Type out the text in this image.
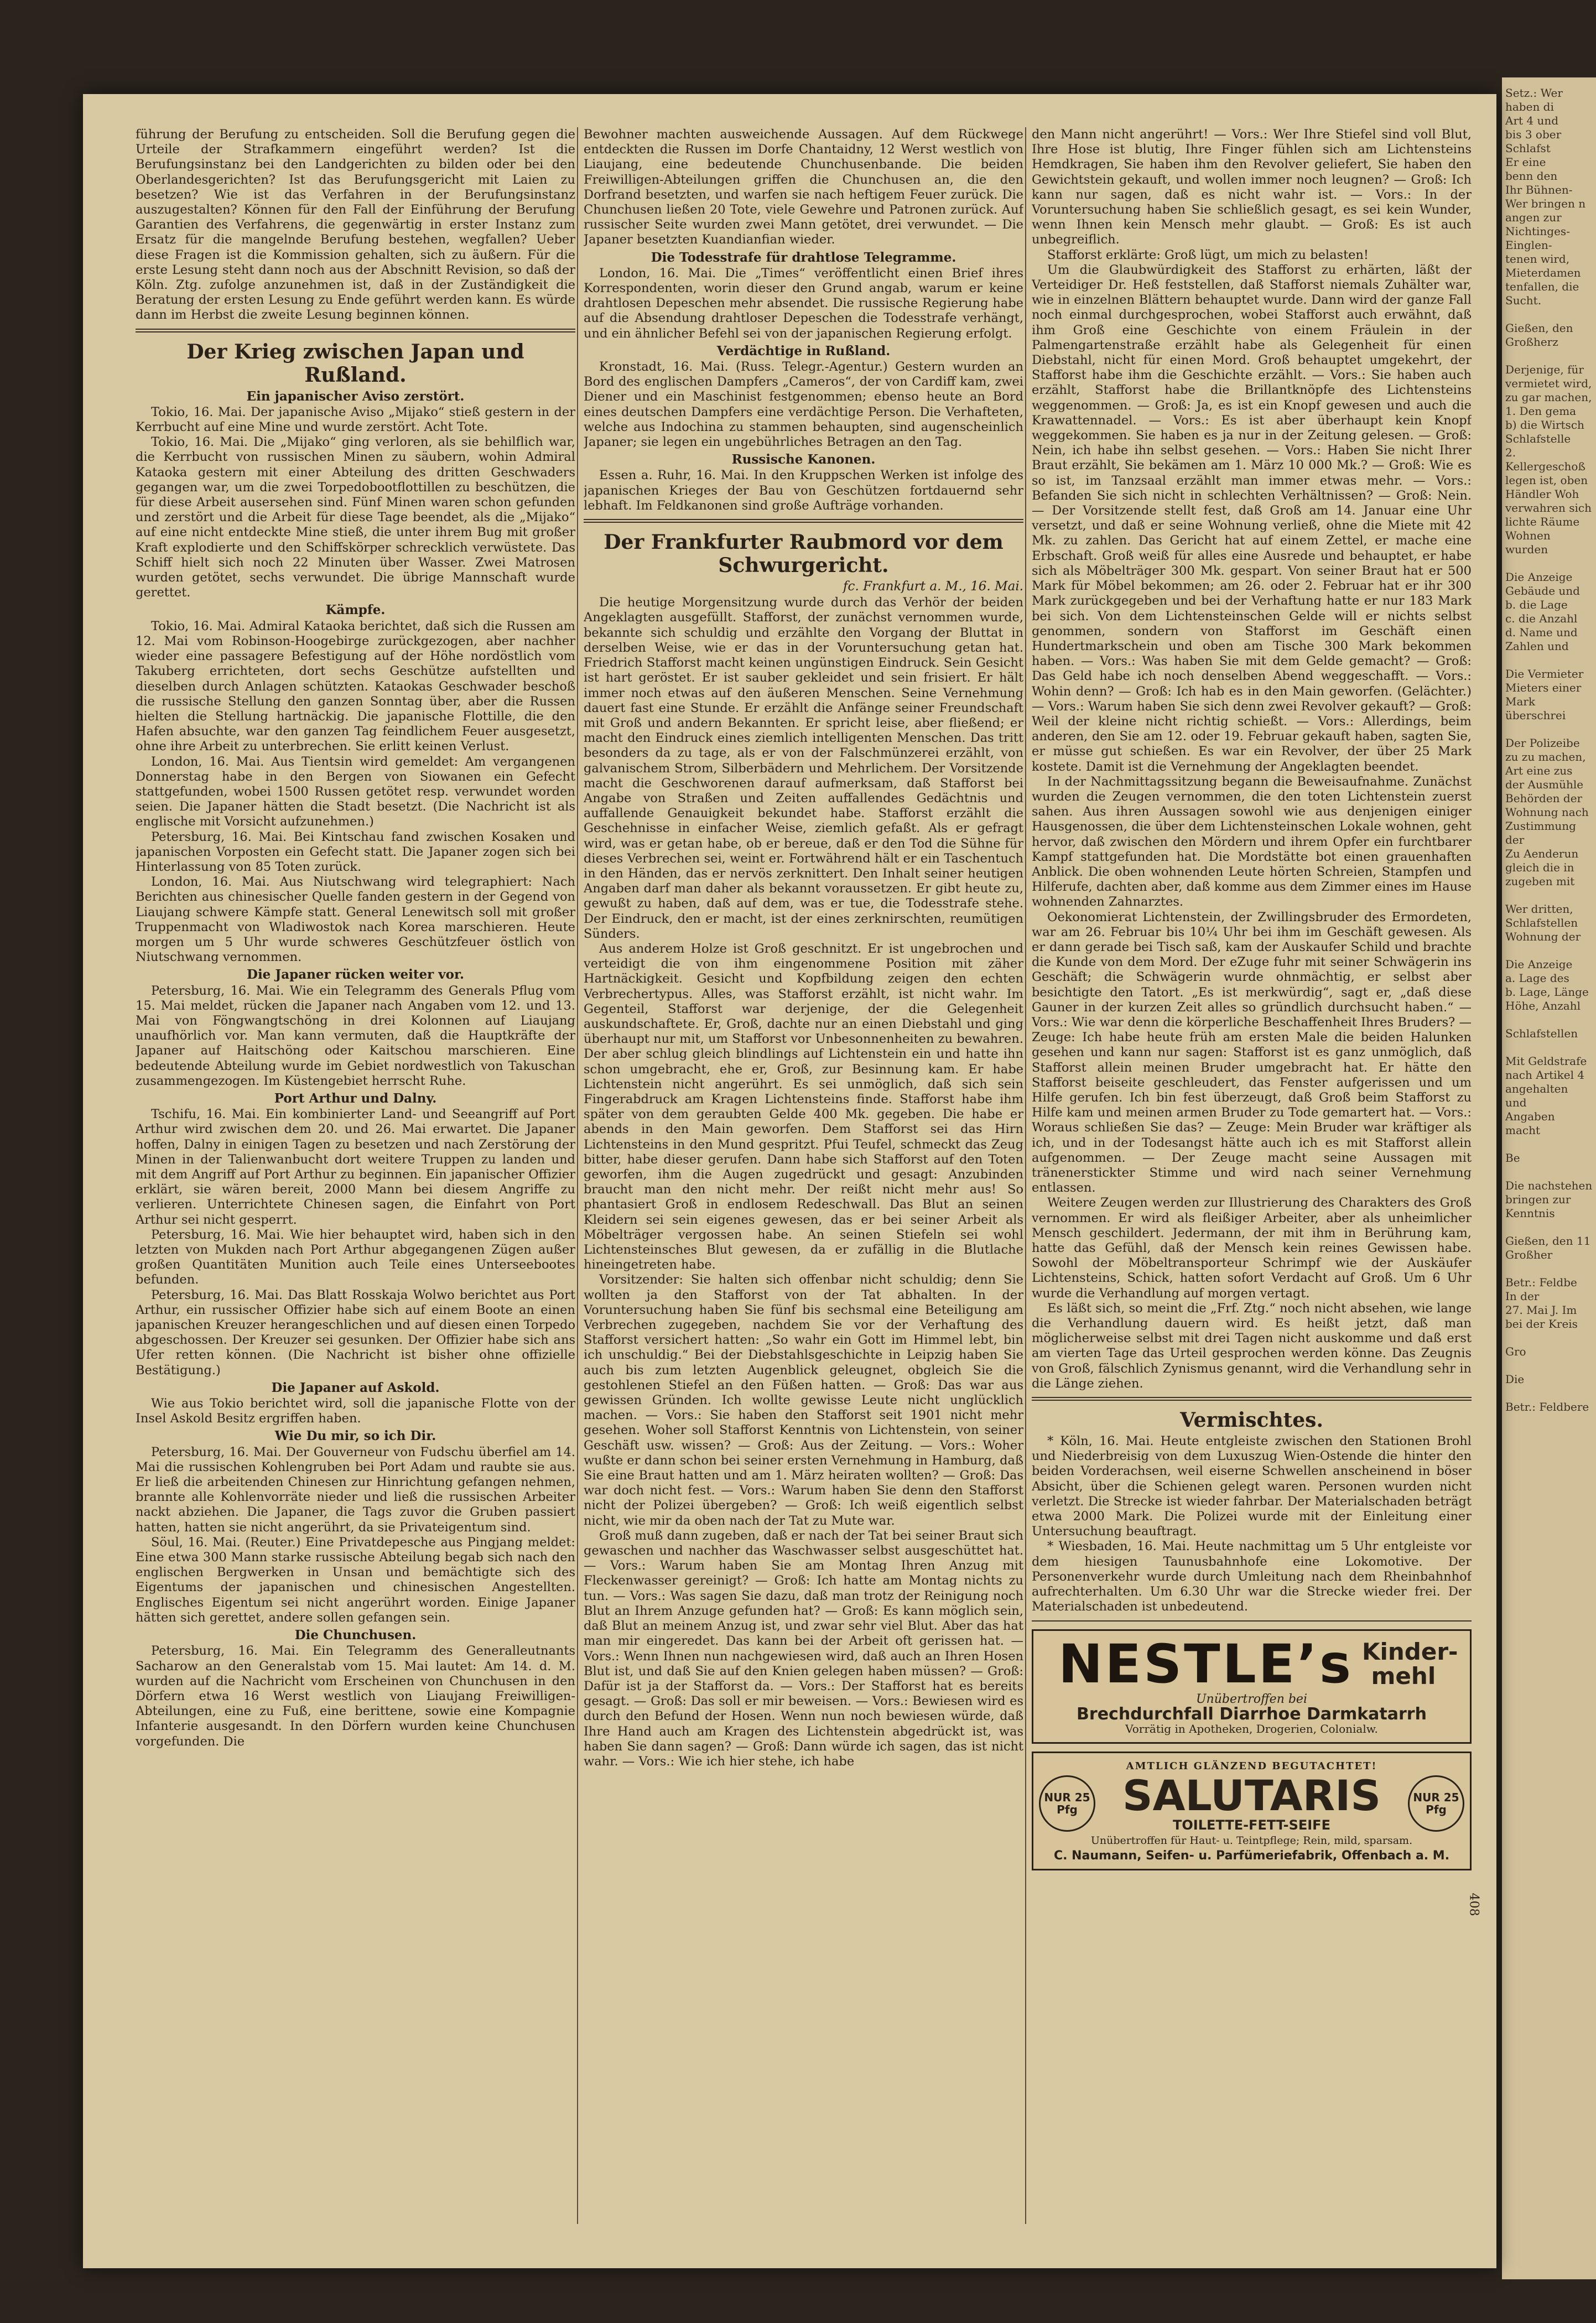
Setz.: Wer
haben di
Art 4 und
bis 3 ober
Schlafst
Er eine
benn den
Ihr Bühnen-
Wer bringen n
angen zur
Nichtinges-
Einglen-
tenen wird,
Mieterdamen
tenfallen, die
Sucht.

Gießen, den
Großherz

Derjenige, für
vermietet wird,
zu gar machen,
1. Den gema
b) die Wirtsch
Schlafstelle
2. Kellergeschoß
legen ist, oben
Händler Woh
verwahren sich
lichte Räume
Wohnen wurden

Die Anzeige
Gebäude und
b. die Lage
c. die Anzahl
d. Name und
Zahlen und

Die Vermieter
Mieters einer
Mark überschrei

Der Polizeibe
zu zu machen,
Art eine zus
der Ausmühle
Behörden der
Wohnung nach
Zustimmung der
Zu Aenderun
gleich die in
zugeben mit

Wer dritten,
Schlafstellen
Wohnung der

Die Anzeige
a. Lage des
b. Lage, Länge
Höhe, Anzahl

Schlafstellen

Mit Geldstrafe
nach Artikel 4
angehalten und
Angaben macht

Be

Die nachstehen
bringen zur Kenntnis

Gießen, den 11
Großher

Betr.: Feldbe
In der
27. Mai J. Im
bei der Kreis

Gro

Die

Betr.: Feldbere

führung der Berufung zu entscheiden. Soll die Berufung gegen die Urteile der Strafkammern eingeführt werden? Ist die Berufungsinstanz bei den Landgerichten zu bilden oder bei den Oberlandesgerichten? Ist das Berufungsgericht mit Laien zu besetzen? Wie ist das Verfahren in der Berufungsinstanz auszugestalten? Können für den Fall der Einführung der Berufung Garantien des Verfahrens, die gegenwärtig in erster Instanz zum Ersatz für die mangelnde Berufung bestehen, wegfallen? Ueber diese Fragen ist die Kommission gehalten, sich zu äußern. Für die erste Lesung steht dann noch aus der Abschnitt Revision, so daß der Köln. Ztg. zufolge anzunehmen ist, daß in der Zuständigkeit die Beratung der ersten Lesung zu Ende geführt werden kann. Es würde dann im Herbst die zweite Lesung beginnen können.

Der Krieg zwischen Japan und Rußland.
Ein japanischer Aviso zerstört.

Tokio, 16. Mai. Der japanische Aviso „Mijako“ stieß gestern in der Kerrbucht auf eine Mine und wurde zerstört. Acht Tote.

Tokio, 16. Mai. Die „Mijako“ ging verloren, als sie behilflich war, die Kerrbucht von russischen Minen zu säubern, wohin Admiral Kataoka gestern mit einer Abteilung des dritten Geschwaders gegangen war, um die zwei Torpedobootflottillen zu beschützen, die für diese Arbeit ausersehen sind. Fünf Minen waren schon gefunden und zerstört und die Arbeit für diese Tage beendet, als die „Mijako“ auf eine nicht entdeckte Mine stieß, die unter ihrem Bug mit großer Kraft explodierte und den Schiffskörper schrecklich verwüstete. Das Schiff hielt sich noch 22 Minuten über Wasser. Zwei Matrosen wurden getötet, sechs verwundet. Die übrige Mannschaft wurde gerettet.

Kämpfe.

Tokio, 16. Mai. Admiral Kataoka berichtet, daß sich die Russen am 12. Mai vom Robinson-Hoogebirge zurückgezogen, aber nachher wieder eine passagere Befestigung auf der Höhe nordöstlich vom Takuberg errichteten, dort sechs Geschütze aufstellten und dieselben durch Anlagen schützten. Kataokas Geschwader beschoß die russische Stellung den ganzen Sonntag über, aber die Russen hielten die Stellung hartnäckig. Die japanische Flottille, die den Hafen absuchte, war den ganzen Tag feindlichem Feuer ausgesetzt, ohne ihre Arbeit zu unterbrechen. Sie erlitt keinen Verlust.

London, 16. Mai. Aus Tientsin wird gemeldet: Am vergangenen Donnerstag habe in den Bergen von Siowanen ein Gefecht stattgefunden, wobei 1500 Russen getötet resp. verwundet worden seien. Die Japaner hätten die Stadt besetzt. (Die Nachricht ist als englische mit Vorsicht aufzunehmen.)

Petersburg, 16. Mai. Bei Kintschau fand zwischen Kosaken und japanischen Vorposten ein Gefecht statt. Die Japaner zogen sich bei Hinterlassung von 85 Toten zurück.

London, 16. Mai. Aus Niutschwang wird telegraphiert: Nach Berichten aus chinesischer Quelle fanden gestern in der Gegend von Liaujang schwere Kämpfe statt. General Lenewitsch soll mit großer Truppenmacht von Wladiwostok nach Korea marschieren. Heute morgen um 5 Uhr wurde schweres Geschützfeuer östlich von Niutschwang vernommen.

Die Japaner rücken weiter vor.

Petersburg, 16. Mai. Wie ein Telegramm des Generals Pflug vom 15. Mai meldet, rücken die Japaner nach Angaben vom 12. und 13. Mai von Föngwangtschöng in drei Kolonnen auf Liaujang unaufhörlich vor. Man kann vermuten, daß die Hauptkräfte der Japaner auf Haitschöng oder Kaitschou marschieren. Eine bedeutende Abteilung wurde im Gebiet nordwestlich von Takuschan zusammengezogen. Im Küstengebiet herrscht Ruhe.

Port Arthur und Dalny.

Tschifu, 16. Mai. Ein kombinierter Land- und Seeangriff auf Port Arthur wird zwischen dem 20. und 26. Mai erwartet. Die Japaner hoffen, Dalny in einigen Tagen zu besetzen und nach Zerstörung der Minen in der Talienwanbucht dort weitere Truppen zu landen und mit dem Angriff auf Port Arthur zu beginnen. Ein japanischer Offizier erklärt, sie wären bereit, 2000 Mann bei diesem Angriffe zu verlieren. Unterrichtete Chinesen sagen, die Einfahrt von Port Arthur sei nicht gesperrt.

Petersburg, 16. Mai. Wie hier behauptet wird, haben sich in den letzten von Mukden nach Port Arthur abgegangenen Zügen außer großen Quantitäten Munition auch Teile eines Unterseebootes befunden.

Petersburg, 16. Mai. Das Blatt Rosskaja Wolwo berichtet aus Port Arthur, ein russischer Offizier habe sich auf einem Boote an einen japanischen Kreuzer herangeschlichen und auf diesen einen Torpedo abgeschossen. Der Kreuzer sei gesunken. Der Offizier habe sich ans Ufer retten können. (Die Nachricht ist bisher ohne offizielle Bestätigung.)

Die Japaner auf Askold.

Wie aus Tokio berichtet wird, soll die japanische Flotte von der Insel Askold Besitz ergriffen haben.

Wie Du mir, so ich Dir.

Petersburg, 16. Mai. Der Gouverneur von Fudschu überfiel am 14. Mai die russischen Kohlengruben bei Port Adam und raubte sie aus. Er ließ die arbeitenden Chinesen zur Hinrichtung gefangen nehmen, brannte alle Kohlenvorräte nieder und ließ die russischen Arbeiter nackt abziehen. Die Japaner, die Tags zuvor die Gruben passiert hatten, hatten sie nicht angerührt, da sie Privateigentum sind.

Söul, 16. Mai. (Reuter.) Eine Privatdepesche aus Pingjang meldet: Eine etwa 300 Mann starke russische Abteilung begab sich nach den englischen Bergwerken in Unsan und bemächtigte sich des Eigentums der japanischen und chinesischen Angestellten. Englisches Eigentum sei nicht angerührt worden. Einige Japaner hätten sich gerettet, andere sollen gefangen sein.

Die Chunchusen.

Petersburg, 16. Mai. Ein Telegramm des Generalleutnants Sacharow an den Generalstab vom 15. Mai lautet: Am 14. d. M. wurden auf die Nachricht vom Erscheinen von Chunchusen in den Dörfern etwa 16 Werst westlich von Liaujang Freiwilligen-Abteilungen, eine zu Fuß, eine berittene, sowie eine Kompagnie Infanterie ausgesandt. In den Dörfern wurden keine Chunchusen vorgefunden. Die

Bewohner machten ausweichende Aussagen. Auf dem Rückwege entdeckten die Russen im Dorfe Chantaidny, 12 Werst westlich von Liaujang, eine bedeutende Chunchusenbande. Die beiden Freiwilligen-Abteilungen griffen die Chunchusen an, die den Dorfrand besetzten, und warfen sie nach heftigem Feuer zurück. Die Chunchusen ließen 20 Tote, viele Gewehre und Patronen zurück. Auf russischer Seite wurden zwei Mann getötet, drei verwundet. — Die Japaner besetzten Kuandianfian wieder.

Die Todesstrafe für drahtlose Telegramme.

London, 16. Mai. Die „Times“ veröffentlicht einen Brief ihres Korrespondenten, worin dieser den Grund angab, warum er keine drahtlosen Depeschen mehr absendet. Die russische Regierung habe auf die Absendung drahtloser Depeschen die Todesstrafe verhängt, und ein ähnlicher Befehl sei von der japanischen Regierung erfolgt.

Verdächtige in Rußland.

Kronstadt, 16. Mai. (Russ. Telegr.-Agentur.) Gestern wurden an Bord des englischen Dampfers „Cameros“, der von Cardiff kam, zwei Diener und ein Maschinist festgenommen; ebenso heute an Bord eines deutschen Dampfers eine verdächtige Person. Die Verhafteten, welche aus Indochina zu stammen behaupten, sind augenscheinlich Japaner; sie legen ein ungebührliches Betragen an den Tag.

Russische Kanonen.

Essen a. Ruhr, 16. Mai. In den Kruppschen Werken ist infolge des japanischen Krieges der Bau von Geschützen fortdauernd sehr lebhaft. Im Feldkanonen sind große Aufträge vorhanden.

Der Frankfurter Raubmord vor dem Schwurgericht.
fc. Frankfurt a. M., 16. Mai.

Die heutige Morgensitzung wurde durch das Verhör der beiden Angeklagten ausgefüllt. Stafforst, der zunächst vernommen wurde, bekannte sich schuldig und erzählte den Vorgang der Bluttat in derselben Weise, wie er das in der Voruntersuchung getan hat. Friedrich Stafforst macht keinen ungünstigen Eindruck. Sein Gesicht ist hart geröstet. Er ist sauber gekleidet und sein frisiert. Er hält immer noch etwas auf den äußeren Menschen. Seine Vernehmung dauert fast eine Stunde. Er erzählt die Anfänge seiner Freundschaft mit Groß und andern Bekannten. Er spricht leise, aber fließend; er macht den Eindruck eines ziemlich intelligenten Menschen. Das tritt besonders da zu tage, als er von der Falschmünzerei erzählt, von galvanischem Strom, Silberbädern und Mehrlichem. Der Vorsitzende macht die Geschworenen darauf aufmerksam, daß Stafforst bei Angabe von Straßen und Zeiten auffallendes Gedächtnis und auffallende Genauigkeit bekundet habe. Stafforst erzählt die Geschehnisse in einfacher Weise, ziemlich gefaßt. Als er gefragt wird, was er getan habe, ob er bereue, daß er den Tod die Sühne für dieses Verbrechen sei, weint er. Fortwährend hält er ein Taschentuch in den Händen, das er nervös zerknittert. Den Inhalt seiner heutigen Angaben darf man daher als bekannt voraussetzen. Er gibt heute zu, gewußt zu haben, daß auf dem, was er tue, die Todesstrafe stehe. Der Eindruck, den er macht, ist der eines zerknirschten, reumütigen Sünders.

Aus anderem Holze ist Groß geschnitzt. Er ist ungebrochen und verteidigt die von ihm eingenommene Position mit zäher Hartnäckigkeit. Gesicht und Kopfbildung zeigen den echten Verbrechertypus. Alles, was Stafforst erzählt, ist nicht wahr. Im Gegenteil, Stafforst war derjenige, der die Gelegenheit auskundschaftete. Er, Groß, dachte nur an einen Diebstahl und ging überhaupt nur mit, um Stafforst vor Unbesonnenheiten zu bewahren. Der aber schlug gleich blindlings auf Lichtenstein ein und hatte ihn schon umgebracht, ehe er, Groß, zur Besinnung kam. Er habe Lichtenstein nicht angerührt. Es sei unmöglich, daß sich sein Fingerabdruck am Kragen Lichtensteins finde. Stafforst habe ihm später von dem geraubten Gelde 400 Mk. gegeben. Die habe er abends in den Main geworfen. Dem Stafforst sei das Hirn Lichtensteins in den Mund gespritzt. Pfui Teufel, schmeckt das Zeug bitter, habe dieser gerufen. Dann habe sich Stafforst auf den Toten geworfen, ihm die Augen zugedrückt und gesagt: Anzubinden braucht man den nicht mehr. Der reißt nicht mehr aus! So phantasiert Groß in endlosem Redeschwall. Das Blut an seinen Kleidern sei sein eigenes gewesen, das er bei seiner Arbeit als Möbelträger vergossen habe. An seinen Stiefeln sei wohl Lichtensteinsches Blut gewesen, da er zufällig in die Blutlache hineingetreten habe.

Vorsitzender: Sie halten sich offenbar nicht schuldig; denn Sie wollten ja den Stafforst von der Tat abhalten. In der Voruntersuchung haben Sie fünf bis sechsmal eine Beteiligung am Verbrechen zugegeben, nachdem Sie vor der Verhaftung des Stafforst versichert hatten: „So wahr ein Gott im Himmel lebt, bin ich unschuldig.“ Bei der Diebstahlsgeschichte in Leipzig haben Sie auch bis zum letzten Augenblick geleugnet, obgleich Sie die gestohlenen Stiefel an den Füßen hatten. — Groß: Das war aus gewissen Gründen. Ich wollte gewisse Leute nicht unglücklich machen. — Vors.: Sie haben den Stafforst seit 1901 nicht mehr gesehen. Woher soll Stafforst Kenntnis von Lichtenstein, von seiner Geschäft usw. wissen? — Groß: Aus der Zeitung. — Vors.: Woher wußte er dann schon bei seiner ersten Vernehmung in Hamburg, daß Sie eine Braut hatten und am 1. März heiraten wollten? — Groß: Das war doch nicht fest. — Vors.: Warum haben Sie denn den Stafforst nicht der Polizei übergeben? — Groß: Ich weiß eigentlich selbst nicht, wie mir da oben nach der Tat zu Mute war.

Groß muß dann zugeben, daß er nach der Tat bei seiner Braut sich gewaschen und nachher das Waschwasser selbst ausgeschüttet hat. — Vors.: Warum haben Sie am Montag Ihren Anzug mit Fleckenwasser gereinigt? — Groß: Ich hatte am Montag nichts zu tun. — Vors.: Was sagen Sie dazu, daß man trotz der Reinigung noch Blut an Ihrem Anzuge gefunden hat? — Groß: Es kann möglich sein, daß Blut an meinem Anzug ist, und zwar sehr viel Blut. Aber das hat man mir eingeredet. Das kann bei der Arbeit oft gerissen hat. — Vors.: Wenn Ihnen nun nachgewiesen wird, daß auch an Ihren Hosen Blut ist, und daß Sie auf den Knien gelegen haben müssen? — Groß: Dafür ist ja der Stafforst da. — Vors.: Der Stafforst hat es bereits gesagt. — Groß: Das soll er mir beweisen. — Vors.: Bewiesen wird es durch den Befund der Hosen. Wenn nun noch bewiesen würde, daß Ihre Hand auch am Kragen des Lichtenstein abgedrückt ist, was haben Sie dann sagen? — Groß: Dann würde ich sagen, das ist nicht wahr. — Vors.: Wie ich hier stehe, ich habe

den Mann nicht angerührt! — Vors.: Wer Ihre Stiefel sind voll Blut, Ihre Hose ist blutig, Ihre Finger fühlen sich am Lichtensteins Hemdkragen, Sie haben ihm den Revolver geliefert, Sie haben den Gewichtstein gekauft, und wollen immer noch leugnen? — Groß: Ich kann nur sagen, daß es nicht wahr ist. — Vors.: In der Voruntersuchung haben Sie schließlich gesagt, es sei kein Wunder, wenn Ihnen kein Mensch mehr glaubt. — Groß: Es ist auch unbegreiflich.

Stafforst erklärte: Groß lügt, um mich zu belasten!

Um die Glaubwürdigkeit des Stafforst zu erhärten, läßt der Verteidiger Dr. Heß feststellen, daß Stafforst niemals Zuhälter war, wie in einzelnen Blättern behauptet wurde. Dann wird der ganze Fall noch einmal durchgesprochen, wobei Stafforst auch erwähnt, daß ihm Groß eine Geschichte von einem Fräulein in der Palmengartenstraße erzählt habe als Gelegenheit für einen Diebstahl, nicht für einen Mord. Groß behauptet umgekehrt, der Stafforst habe ihm die Geschichte erzählt. — Vors.: Sie haben auch erzählt, Stafforst habe die Brillantknöpfe des Lichtensteins weggenommen. — Groß: Ja, es ist ein Knopf gewesen und auch die Krawattennadel. — Vors.: Es ist aber überhaupt kein Knopf weggekommen. Sie haben es ja nur in der Zeitung gelesen. — Groß: Nein, ich habe ihn selbst gesehen. — Vors.: Haben Sie nicht Ihrer Braut erzählt, Sie bekämen am 1. März 10 000 Mk.? — Groß: Wie es so ist, im Tanzsaal erzählt man immer etwas mehr. — Vors.: Befanden Sie sich nicht in schlechten Verhältnissen? — Groß: Nein. — Der Vorsitzende stellt fest, daß Groß am 14. Januar eine Uhr versetzt, und daß er seine Wohnung verließ, ohne die Miete mit 42 Mk. zu zahlen. Das Gericht hat auf einem Zettel, er mache eine Erbschaft. Groß weiß für alles eine Ausrede und behauptet, er habe sich als Möbelträger 300 Mk. gespart. Von seiner Braut hat er 500 Mark für Möbel bekommen; am 26. oder 2. Februar hat er ihr 300 Mark zurückgegeben und bei der Verhaftung hatte er nur 183 Mark bei sich. Von dem Lichtensteinschen Gelde will er nichts selbst genommen, sondern von Stafforst im Geschäft einen Hundertmarkschein und oben am Tische 300 Mark bekommen haben. — Vors.: Was haben Sie mit dem Gelde gemacht? — Groß: Das Geld habe ich noch denselben Abend weggeschafft. — Vors.: Wohin denn? — Groß: Ich hab es in den Main geworfen. (Gelächter.) — Vors.: Warum haben Sie sich denn zwei Revolver gekauft? — Groß: Weil der kleine nicht richtig schießt. — Vors.: Allerdings, beim anderen, den Sie am 12. oder 19. Februar gekauft haben, sagten Sie, er müsse gut schießen. Es war ein Revolver, der über 25 Mark kostete. Damit ist die Vernehmung der Angeklagten beendet.

In der Nachmittagssitzung begann die Beweisaufnahme. Zunächst wurden die Zeugen vernommen, die den toten Lichtenstein zuerst sahen. Aus ihren Aussagen sowohl wie aus denjenigen einiger Hausgenossen, die über dem Lichtensteinschen Lokale wohnen, geht hervor, daß zwischen den Mördern und ihrem Opfer ein furchtbarer Kampf stattgefunden hat. Die Mordstätte bot einen grauenhaften Anblick. Die oben wohnenden Leute hörten Schreien, Stampfen und Hilferufe, dachten aber, daß komme aus dem Zimmer eines im Hause wohnenden Zahnarztes.

Oekonomierat Lichtenstein, der Zwillingsbruder des Ermordeten, war am 26. Februar bis 10¼ Uhr bei ihm im Geschäft gewesen. Als er dann gerade bei Tisch saß, kam der Auskaufer Schild und brachte die Kunde von dem Mord. Der eZuge fuhr mit seiner Schwägerin ins Geschäft; die Schwägerin wurde ohnmächtig, er selbst aber besichtigte den Tatort. „Es ist merkwürdig“, sagt er, „daß diese Gauner in der kurzen Zeit alles so gründlich durchsucht haben.“ — Vors.: Wie war denn die körperliche Beschaffenheit Ihres Bruders? — Zeuge: Ich habe heute früh am ersten Male die beiden Halunken gesehen und kann nur sagen: Stafforst ist es ganz unmöglich, daß Stafforst allein meinen Bruder umgebracht hat. Er hätte den Stafforst beiseite geschleudert, das Fenster aufgerissen und um Hilfe gerufen. Ich bin fest überzeugt, daß Groß beim Stafforst zu Hilfe kam und meinen armen Bruder zu Tode gemartert hat. — Vors.: Woraus schließen Sie das? — Zeuge: Mein Bruder war kräftiger als ich, und in der Todesangst hätte auch ich es mit Stafforst allein aufgenommen. — Der Zeuge macht seine Aussagen mit tränenerstickter Stimme und wird nach seiner Vernehmung entlassen.

Weitere Zeugen werden zur Illustrierung des Charakters des Groß vernommen. Er wird als fleißiger Arbeiter, aber als unheimlicher Mensch geschildert. Jedermann, der mit ihm in Berührung kam, hatte das Gefühl, daß der Mensch kein reines Gewissen habe. Sowohl der Möbeltransporteur Schrimpf wie der Auskäufer Lichtensteins, Schick, hatten sofort Verdacht auf Groß. Um 6 Uhr wurde die Verhandlung auf morgen vertagt.

Es läßt sich, so meint die „Frf. Ztg.“ noch nicht absehen, wie lange die Verhandlung dauern wird. Es heißt jetzt, daß man möglicherweise selbst mit drei Tagen nicht auskomme und daß erst am vierten Tage das Urteil gesprochen werden könne. Das Zeugnis von Groß, fälschlich Zynismus genannt, wird die Verhandlung sehr in die Länge ziehen.

Vermischtes.

* Köln, 16. Mai. Heute entgleiste zwischen den Stationen Brohl und Niederbreisig von dem Luxuszug Wien-Ostende die hinter den beiden Vorderachsen, weil eiserne Schwellen anscheinend in böser Absicht, über die Schienen gelegt waren. Personen wurden nicht verletzt. Die Strecke ist wieder fahrbar. Der Materialschaden beträgt etwa 2000 Mark. Die Polizei wurde mit der Einleitung einer Untersuchung beauftragt.

* Wiesbaden, 16. Mai. Heute nachmittag um 5 Uhr entgleiste vor dem hiesigen Taunusbahnhofe eine Lokomotive. Der Personenverkehr wurde durch Umleitung nach dem Rheinbahnhof aufrechterhalten. Um 6.30 Uhr war die Strecke wieder frei. Der Materialschaden ist unbedeutend.

NESTLE’s Kinder-mehl
Unübertroffen bei
Brechdurchfall Diarrhoe Darmkatarrh
Vorrätig in Apotheken, Drogerien, Colonialw.
AMTLICH GLÄNZEND BEGUTACHTET!
NUR 25 Pfg	SALUTARIS
TOILETTE-FETT-SEIFE
NUR 25 Pfg
Unübertroffen für Haut- u. Teintpflege; Rein, mild, sparsam.
C. Naumann, Seifen- u. Parfümeriefabrik, Offenbach a. M.
408
